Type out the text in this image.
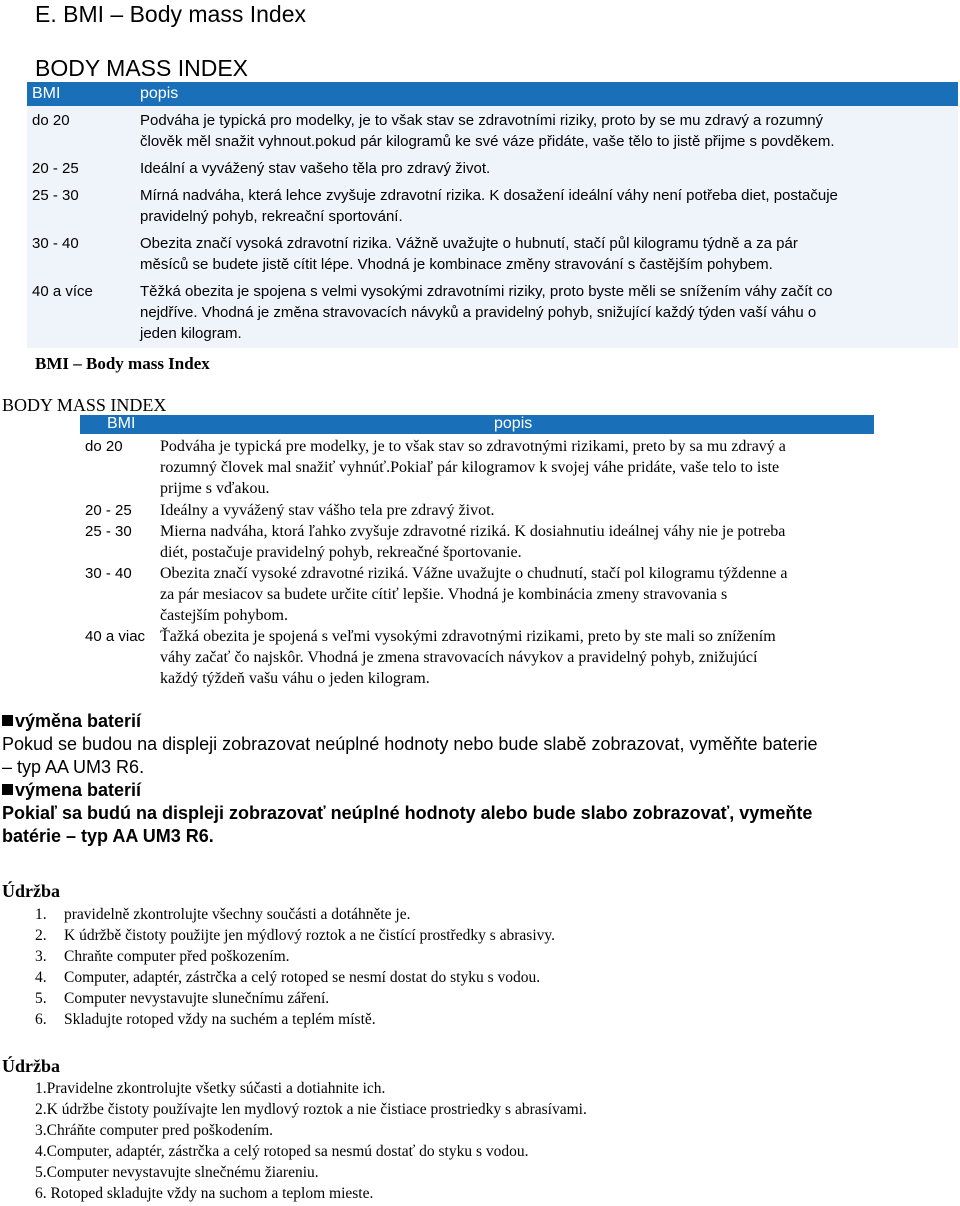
E. BMI – Body mass Index
BODY MASS INDEX
BMI	popis
do 20	Podváha je typická pro modelky, je to však stav se zdravotními riziky, proto by se mu zdravý a rozumný
člověk měl snažit vyhnout.pokud pár kilogramů ke své váze přidáte, vaše tělo to jistě přijme s povděkem.
20 - 25	Ideální a vyvážený stav vašeho těla pro zdravý život.
25 - 30	Mírná nadváha, která lehce zvyšuje zdravotní rizika. K dosažení ideální váhy není potřeba diet, postačuje
pravidelný pohyb, rekreační sportování.
30 - 40	Obezita značí vysoká zdravotní rizika. Vážně uvažujte o hubnutí, stačí půl kilogramu týdně a za pár
měsíců se budete jistě cítit lépe. Vhodná je kombinace změny stravování s častějším pohybem.
40 a více	Těžká obezita je spojena s velmi vysokými zdravotními riziky, proto byste měli se snížením váhy začít co
nejdříve. Vhodná je změna stravovacích návyků a pravidelný pohyb, snižující každý týden vaší váhu o
jeden kilogram.
BMI – Body mass Index
BODY MASS INDEX
BMI	popis
do 20 Podváha je typická pre modelky, je to však stav so zdravotnými rizikami, preto by sa mu zdravý a
rozumný človek mal snažiť vyhnúť.Pokiaľ pár kilogramov k svojej váhe pridáte, vaše telo to iste
prijme s vďakou.
20 - 25 Ideálny a vyvážený stav vášho tela pre zdravý život.
25 - 30 Mierna nadváha, ktorá ľahko zvyšuje zdravotné riziká. K dosiahnutiu ideálnej váhy nie je potreba
diét, postačuje pravidelný pohyb, rekreačné športovanie.
30 - 40 Obezita značí vysoké zdravotné riziká. Vážne uvažujte o chudnutí, stačí pol kilogramu týždenne a
za pár mesiacov sa budete určite cítiť lepšie. Vhodná je kombinácia zmeny stravovania s
častejším pohybom.
40 a viac Ťažká obezita je spojená s veľmi vysokými zdravotnými rizikami, preto by ste mali so znížením
váhy začať čo najskôr. Vhodná je zmena stravovacích návykov a pravidelný pohyb, znižujúcí
každý týždeň vašu váhu o jeden kilogram.
výměna baterií
Pokud se budou na displeji zobrazovat neúplné hodnoty nebo bude slabě zobrazovat, vyměňte baterie
– typ AA UM3 R6.
výmena baterií
Pokiaľ sa budú na displeji zobrazovať neúplné hodnoty alebo bude slabo zobrazovať, vymeňte
batérie – typ AA UM3 R6.
Údržba
1. pravidelně zkontrolujte všechny součásti a dotáhněte je.
2. K údržbě čistoty použijte jen mýdlový roztok a ne čistící prostředky s abrasivy.
3. Chraňte computer před poškozením.
4. Computer, adaptér, zástrčka a celý rotoped se nesmí dostat do styku s vodou.
5. Computer nevystavujte slunečnímu záření.
6. Skladujte rotoped vždy na suchém a teplém místě.
Údržba
1.Pravidelne zkontrolujte všetky súčasti a dotiahnite ich.
2.K údržbe čistoty používajte len mydlový roztok a nie čistiace prostriedky s abrasívami.
3.Chráňte computer pred poškodením.
4.Computer, adaptér, zástrčka a celý rotoped sa nesmú dostať do styku s vodou.
5.Computer nevystavujte slnečnému žiareniu.
6. Rotoped skladujte vždy na suchom a teplom mieste.
